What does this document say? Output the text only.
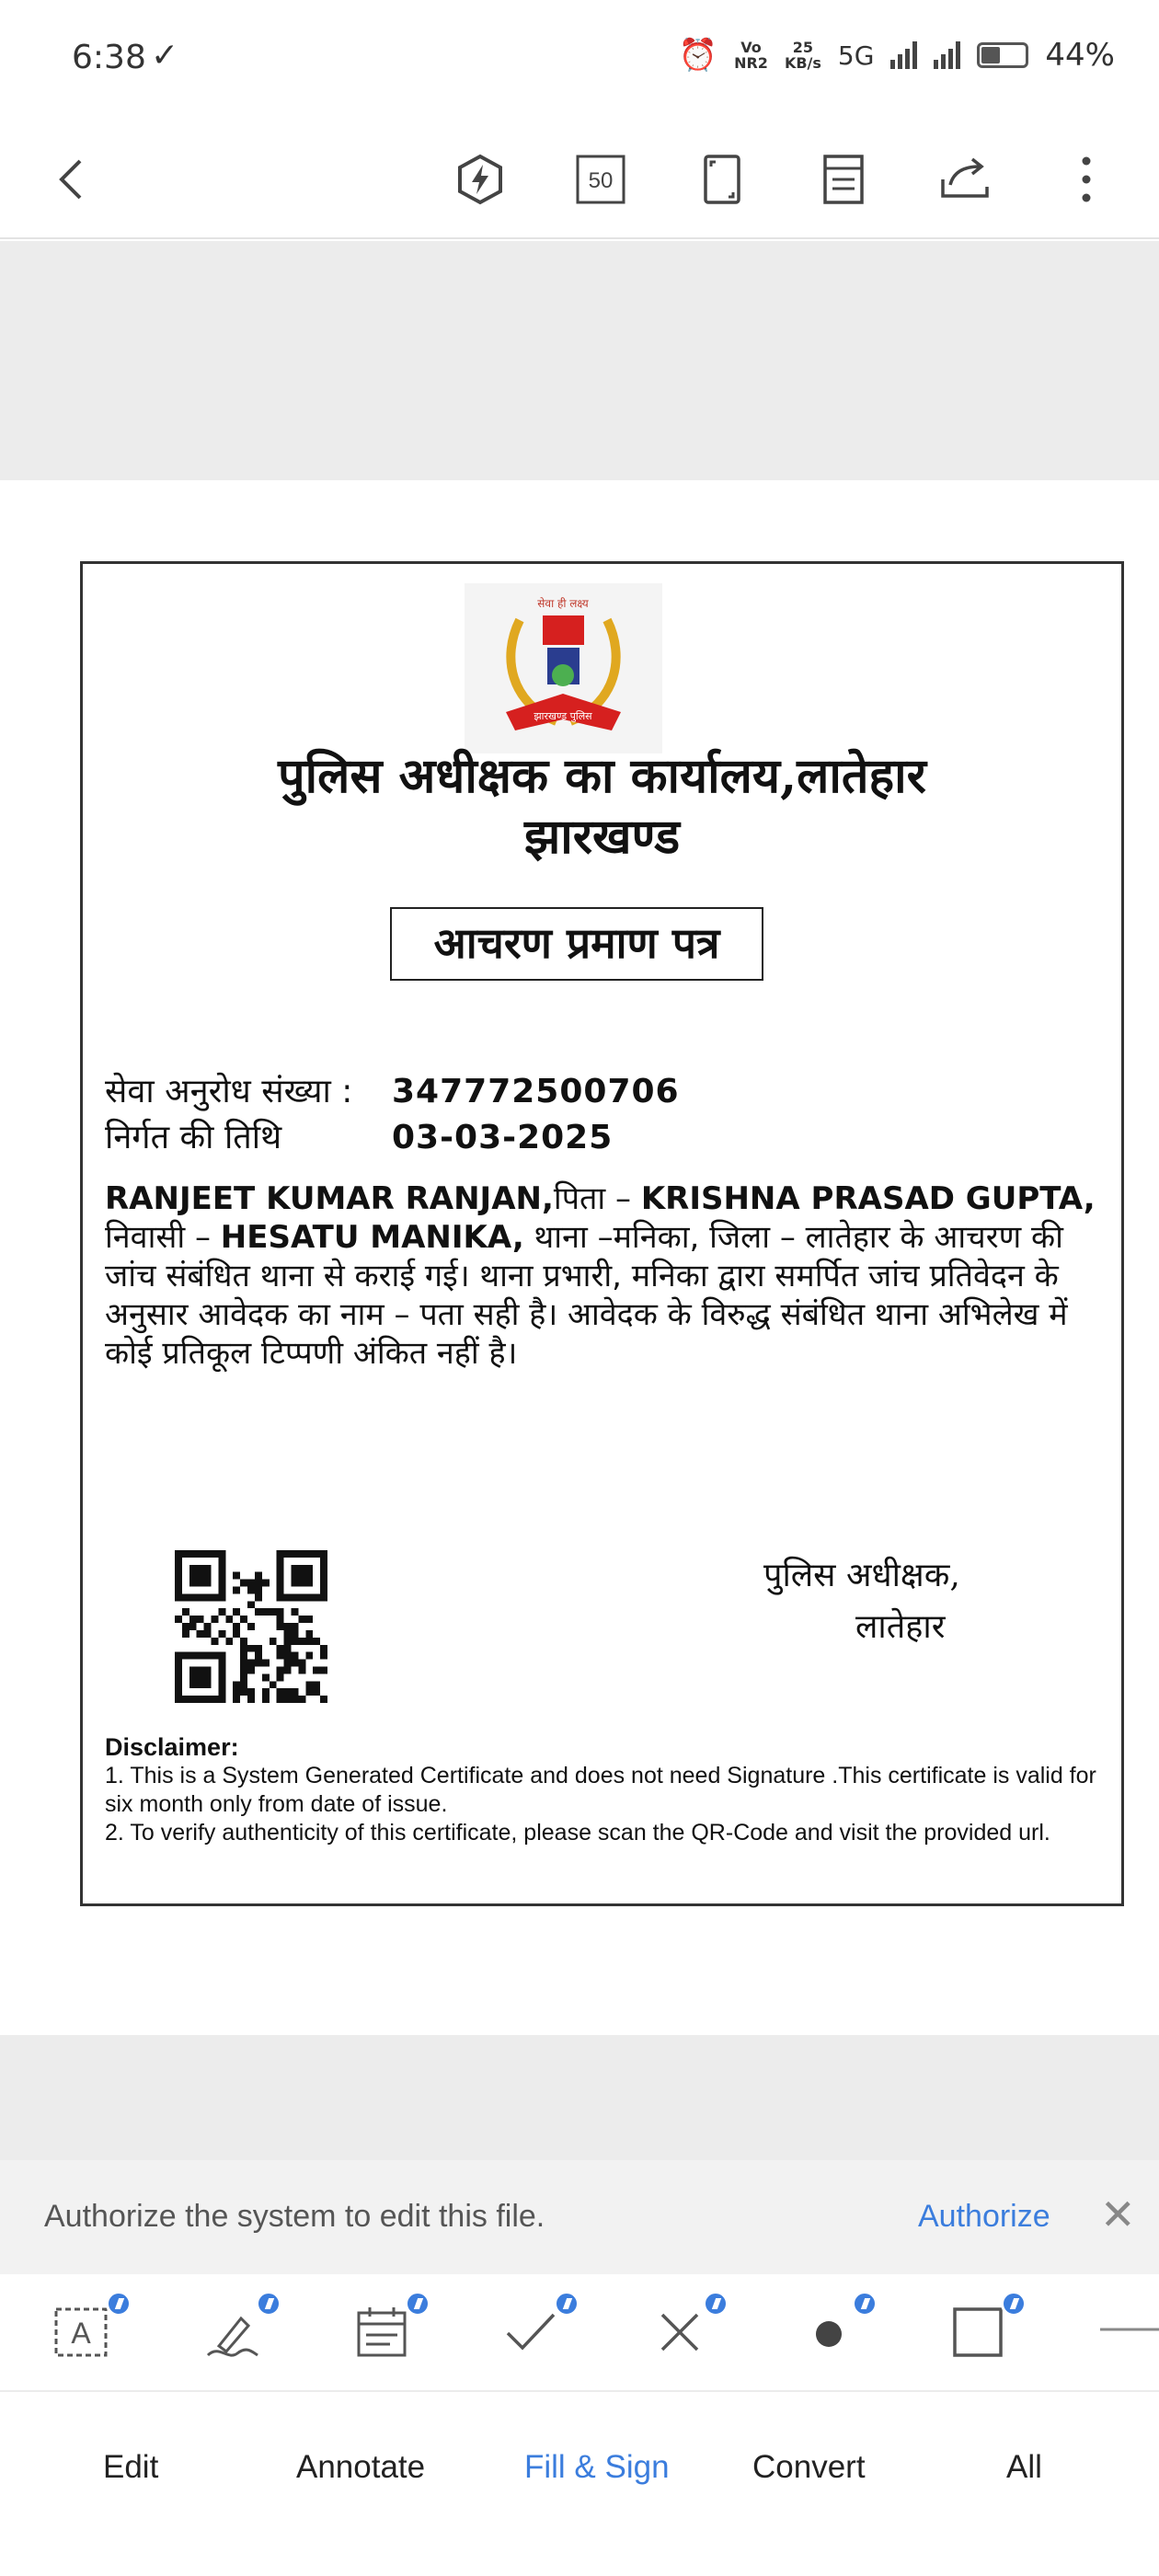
6:38 ✓	⏰	Vo
NR2
25
KB/s 5G	44%
50
सेवा ही लक्ष्य
झारखण्ड पुलिस
पुलिस अधीक्षक का कार्यालय,लातेहार
झारखण्ड
आचरण प्रमाण पत्र
सेवा अनुरोध संख्या : 347772500706
निर्गत की तिथि	03-03-2025
RANJEET KUMAR RANJAN,पिता – KRISHNA PRASAD GUPTA, निवासी – HESATU MANIKA, थाना –मनिका, जिला – लातेहार के आचरण की जांच संबंधित थाना से कराई गई। थाना प्रभारी, मनिका द्वारा समर्पित जांच प्रतिवेदन के अनुसार आवेदक का नाम – पता सही है। आवेदक के विरुद्ध संबंधित थाना अभिलेख में कोई प्रतिकूल टिप्पणी अंकित नहीं है।
पुलिस अधीक्षक,
लातेहार
Disclaimer:
1. This is a System Generated Certificate and does not need Signature .This certificate is valid for six month only from date of issue.
2. To verify authenticity of this certificate, please scan the QR-Code and visit the provided url.
Authorize the system to edit this file.	Authorize ✕
A
Edit	Annotate	Fill & Sign	Convert	All
